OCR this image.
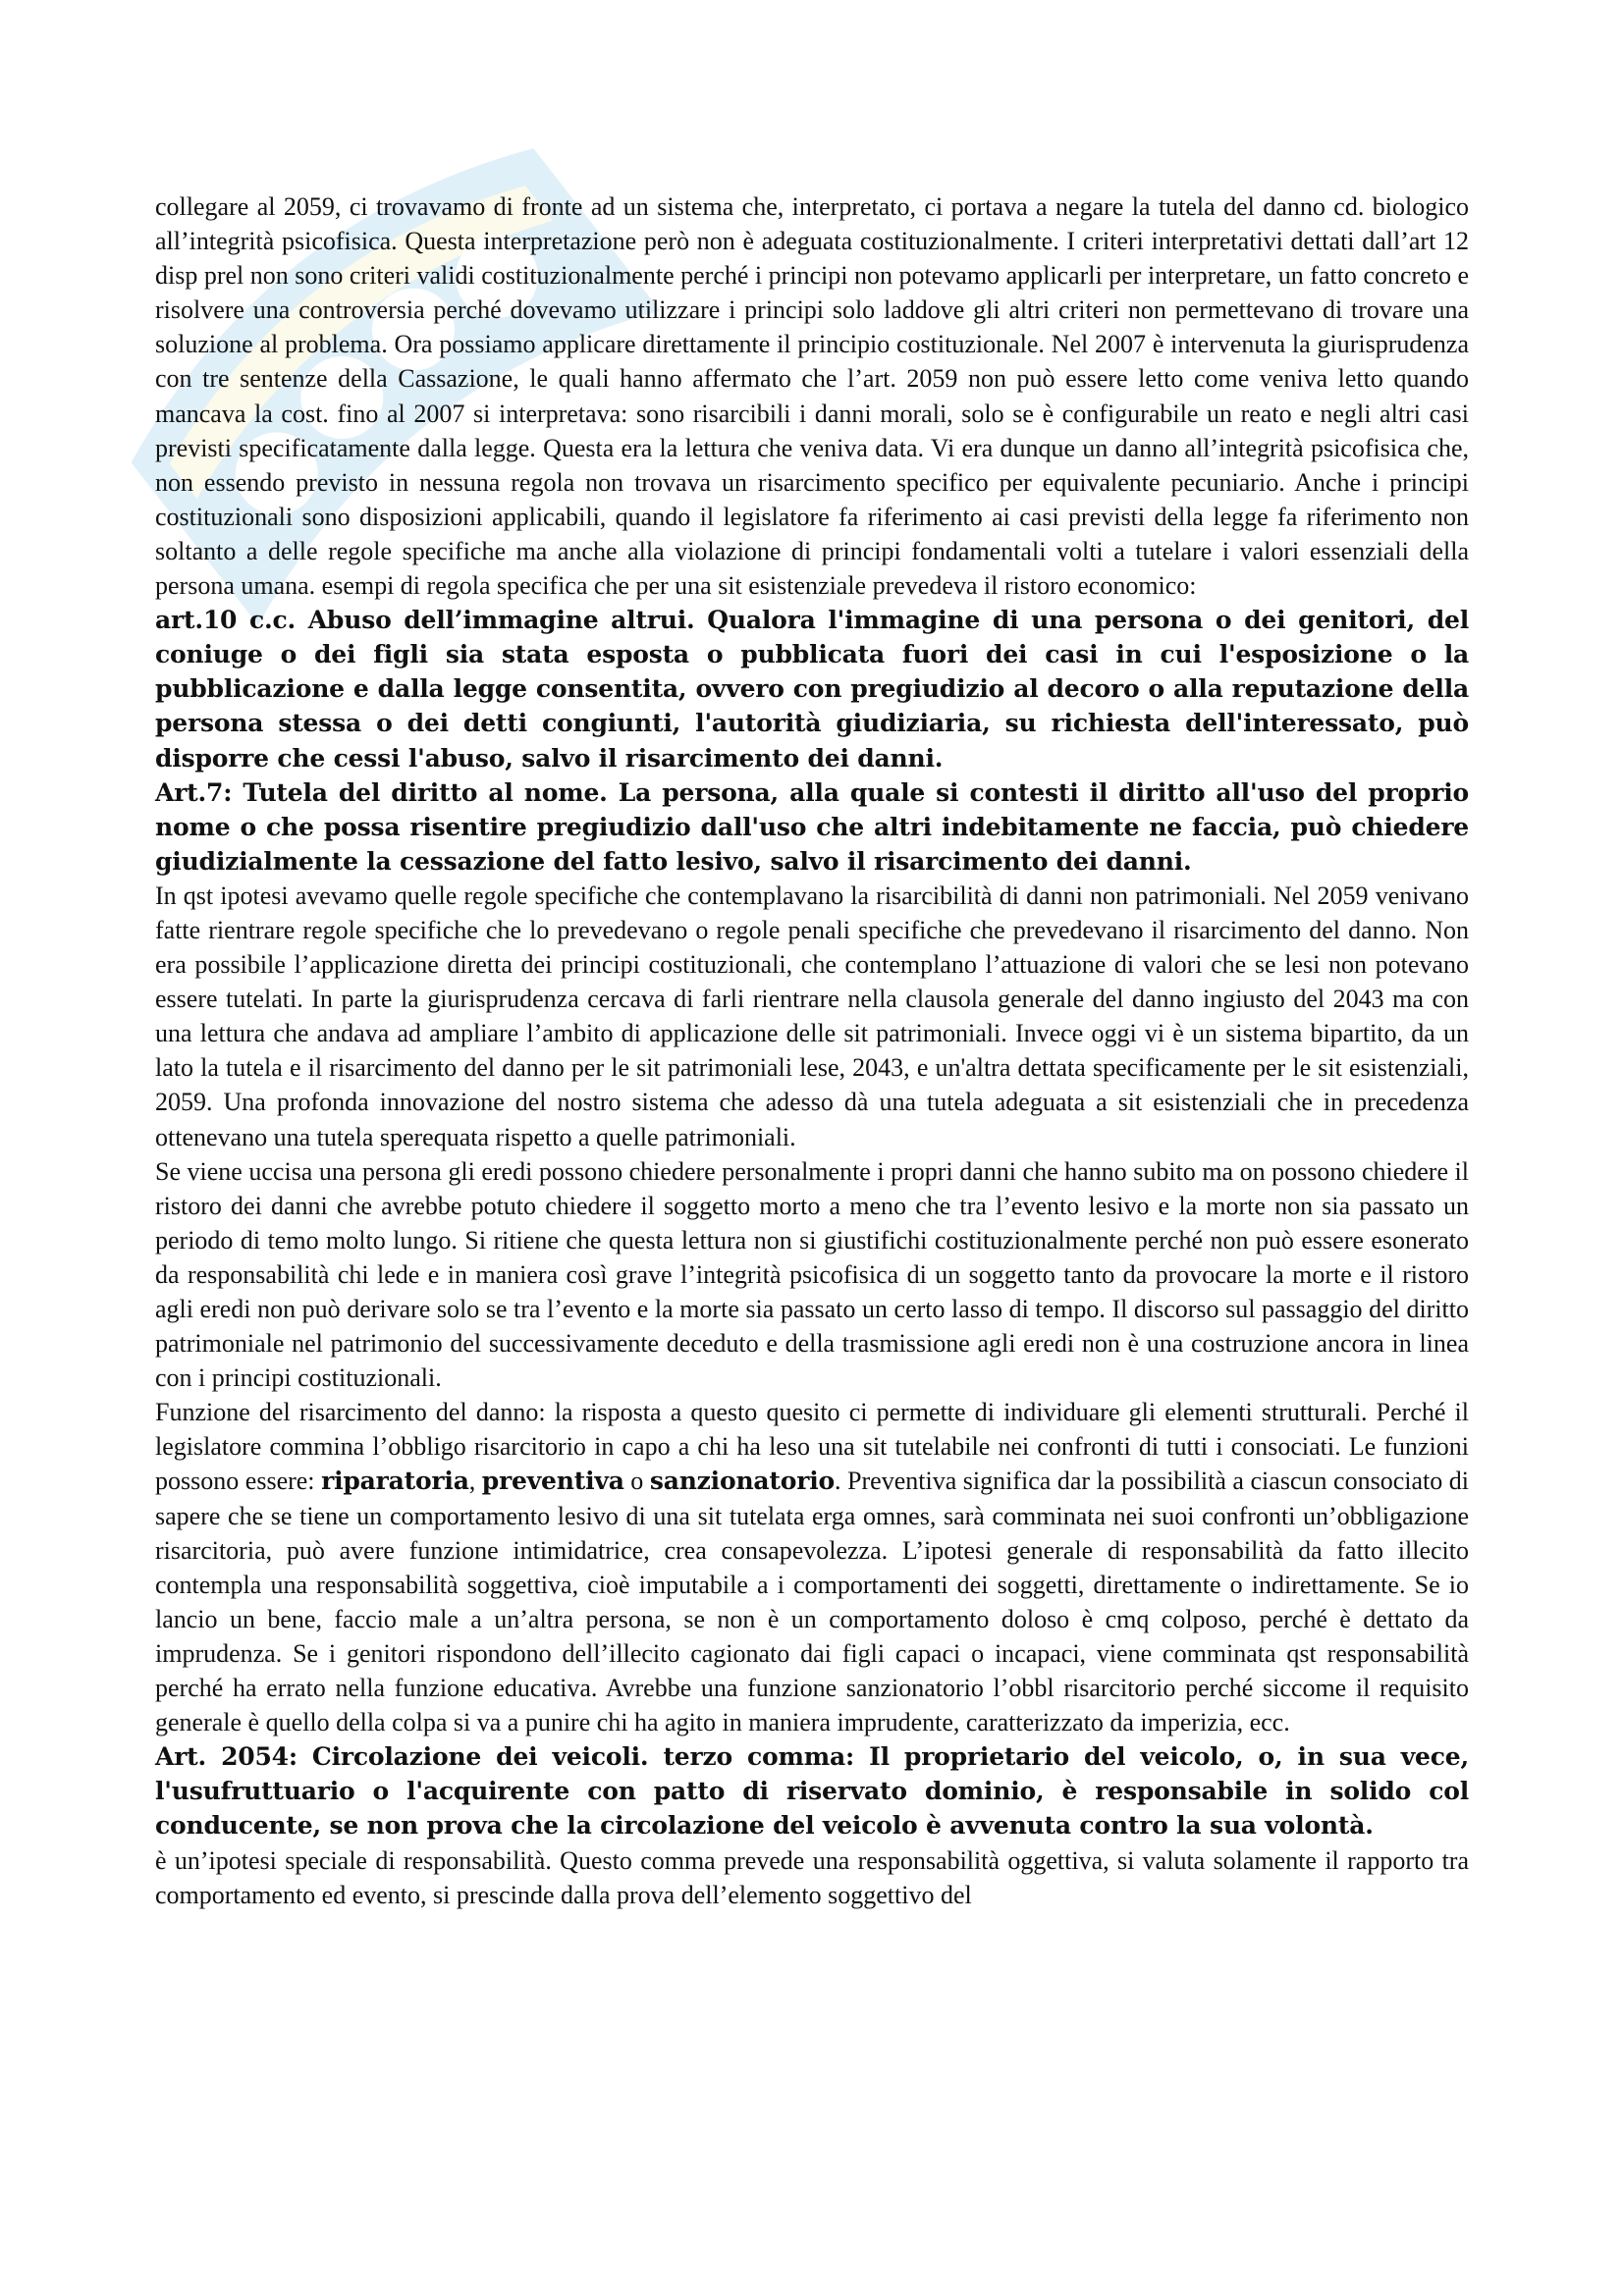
collegare al 2059, ci trovavamo di fronte ad un sistema che, interpretato, ci portava a negare la tutela del danno cd. biologico all’integrità psicofisica. Questa interpretazione però non è adeguata costituzionalmente. I criteri interpretativi dettati dall’art 12 disp prel non sono criteri validi costituzionalmente perché i principi non potevamo applicarli per interpretare, un fatto concreto e risolvere una controversia perché dovevamo utilizzare i principi solo laddove gli altri criteri non permettevano di trovare una soluzione al problema. Ora possiamo applicare direttamente il principio costituzionale. Nel 2007 è intervenuta la giurisprudenza con tre sentenze della Cassazione, le quali hanno affermato che l’art. 2059 non può essere letto come veniva letto quando mancava la cost. fino al 2007 si interpretava: sono risarcibili i danni morali, solo se è configurabile un reato e negli altri casi previsti specificatamente dalla legge. Questa era la lettura che veniva data. Vi era dunque un danno all’integrità psicofisica che, non essendo previsto in nessuna regola non trovava un risarcimento specifico per equivalente pecuniario. Anche i principi costituzionali sono disposizioni applicabili, quando il legislatore fa riferimento ai casi previsti della legge fa riferimento non soltanto a delle regole specifiche ma anche alla violazione di principi fondamentali volti a tutelare i valori essenziali della persona umana. esempi di regola specifica che per una sit esistenziale prevedeva il ristoro economico:

art.10 c.c. Abuso dell’immagine altrui. Qualora l'immagine di una persona o dei genitori, del coniuge o dei figli sia stata esposta o pubblicata fuori dei casi in cui l'esposizione o la pubblicazione e dalla legge consentita, ovvero con pregiudizio al decoro o alla reputazione della persona stessa o dei detti congiunti, l'autorità giudiziaria, su richiesta dell'interessato, può disporre che cessi l'abuso, salvo il risarcimento dei danni.

Art.7: Tutela del diritto al nome. La persona, alla quale si contesti il diritto all'uso del proprio nome o che possa risentire pregiudizio dall'uso che altri indebitamente ne faccia, può chiedere giudizialmente la cessazione del fatto lesivo, salvo il risarcimento dei danni.

In qst ipotesi avevamo quelle regole specifiche che contemplavano la risarcibilità di danni non patrimoniali. Nel 2059 venivano fatte rientrare regole specifiche che lo prevedevano o regole penali specifiche che prevedevano il risarcimento del danno. Non era possibile l’applicazione diretta dei principi costituzionali, che contemplano l’attuazione di valori che se lesi non potevano essere tutelati. In parte la giurisprudenza cercava di farli rientrare nella clausola generale del danno ingiusto del 2043 ma con una lettura che andava ad ampliare l’ambito di applicazione delle sit patrimoniali. Invece oggi vi è un sistema bipartito, da un lato la tutela e il risarcimento del danno per le sit patrimoniali lese, 2043, e un'altra dettata specificamente per le sit esistenziali, 2059. Una profonda innovazione del nostro sistema che adesso dà una tutela adeguata a sit esistenziali che in precedenza ottenevano una tutela sperequata rispetto a quelle patrimoniali.

Se viene uccisa una persona gli eredi possono chiedere personalmente i propri danni che hanno subito ma on possono chiedere il ristoro dei danni che avrebbe potuto chiedere il soggetto morto a meno che tra l’evento lesivo e la morte non sia passato un periodo di temo molto lungo. Si ritiene che questa lettura non si giustifichi costituzionalmente perché non può essere esonerato da responsabilità chi lede e in maniera così grave l’integrità psicofisica di un soggetto tanto da provocare la morte e il ristoro agli eredi non può derivare solo se tra l’evento e la morte sia passato un certo lasso di tempo. Il discorso sul passaggio del diritto patrimoniale nel patrimonio del successivamente deceduto e della trasmissione agli eredi non è una costruzione ancora in linea con i principi costituzionali.

Funzione del risarcimento del danno: la risposta a questo quesito ci permette di individuare gli elementi strutturali. Perché il legislatore commina l’obbligo risarcitorio in capo a chi ha leso una sit tutelabile nei confronti di tutti i consociati. Le funzioni possono essere: riparatoria, preventiva o sanzionatorio. Preventiva significa dar la possibilità a ciascun consociato di sapere che se tiene un comportamento lesivo di una sit tutelata erga omnes, sarà comminata nei suoi confronti un’obbligazione risarcitoria, può avere funzione intimidatrice, crea consapevolezza. L’ipotesi generale di responsabilità da fatto illecito contempla una responsabilità soggettiva, cioè imputabile a i comportamenti dei soggetti, direttamente o indirettamente. Se io lancio un bene, faccio male a un’altra persona, se non è un comportamento doloso è cmq colposo, perché è dettato da imprudenza. Se i genitori rispondono dell’illecito cagionato dai figli capaci o incapaci, viene comminata qst responsabilità perché ha errato nella funzione educativa. Avrebbe una funzione sanzionatorio l’obbl risarcitorio perché siccome il requisito generale è quello della colpa si va a punire chi ha agito in maniera imprudente, caratterizzato da imperizia, ecc.

Art. 2054: Circolazione dei veicoli. terzo comma: Il proprietario del veicolo, o, in sua vece, l'usufruttuario o l'acquirente con patto di riservato dominio, è responsabile in solido col conducente, se non prova che la circolazione del veicolo è avvenuta contro la sua volontà.

è un’ipotesi speciale di responsabilità. Questo comma prevede una responsabilità oggettiva, si valuta solamente il rapporto tra comportamento ed evento, si prescinde dalla prova dell’elemento soggettivo del
